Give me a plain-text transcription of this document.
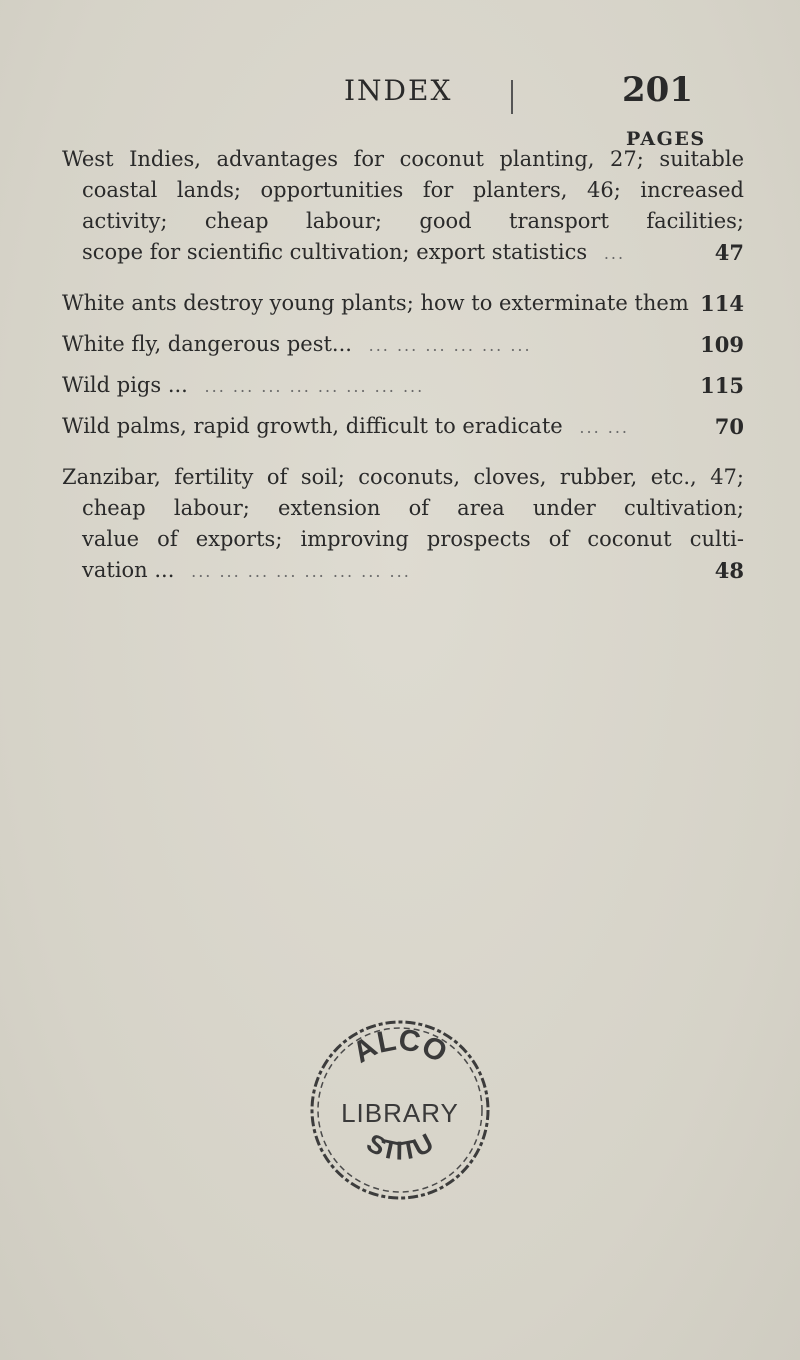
INDEX	201
PAGES
West Indies, advantages for coconut planting, 27; suitable
coastal lands; opportunities for planters, 46; increased
activity; cheap labour; good transport facilities;
scope for scientific cultivation; export statistics ...	47
White ants destroy young plants; how to exterminate them 114
White fly, dangerous pest... ... ... ... ... ... ...	109
Wild pigs ... ... ... ... ... ... ... ... ...	115
Wild palms, rapid growth, difficult to eradicate ... ...	70
Zanzibar, fertility of soil; coconuts, cloves, rubber, etc., 47;
cheap labour; extension of area under cultivation;
value of exports; improving prospects of coconut culti-
vation ... ... ... ... ... ... ... ... ...	48
ALCO
LIBRARY
STITU
